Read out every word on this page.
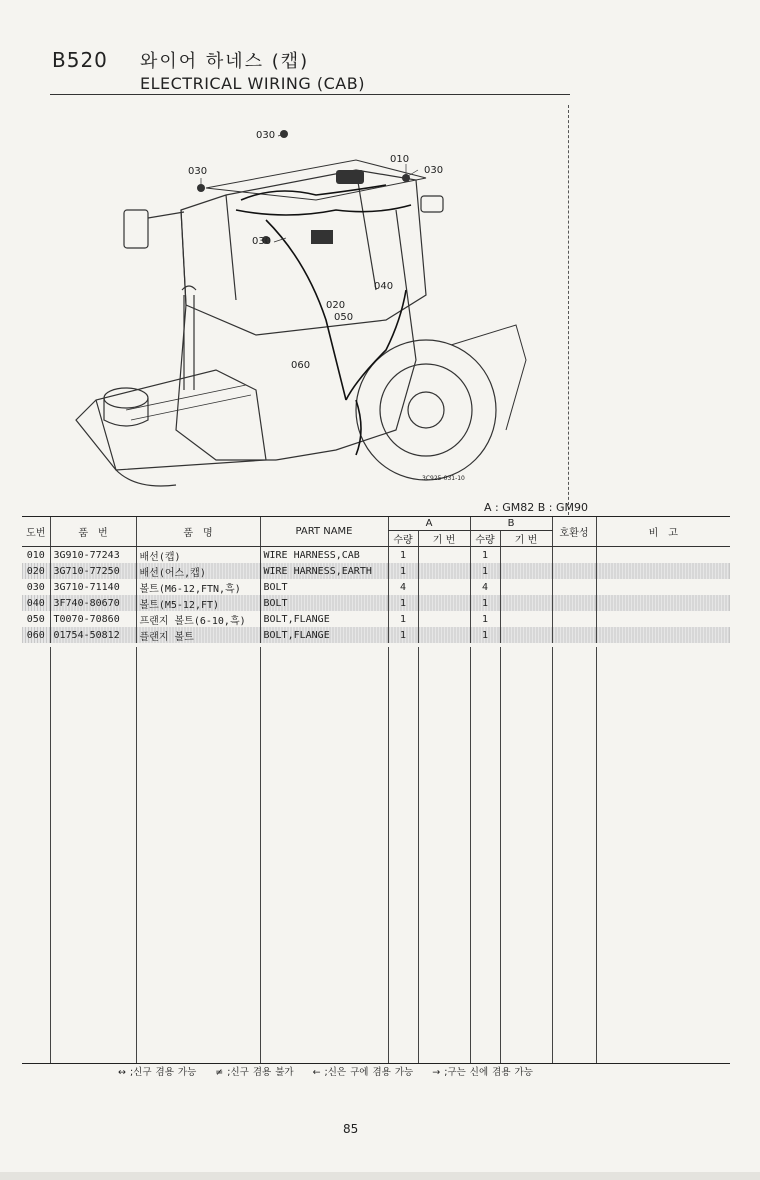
B520 와이어 하네스 (캡)
ELECTRICAL WIRING (CAB)
030
030
010
030
030
040
020
050
060
3C925-031-10
A : GM82 B : GM90
도번	품　번	품　명	PART NAME	A		B		호환성	비　고
				수량	기 번	수량	기 번		
010	3G910-77243	배선(캡)	WIRE HARNESS,CAB	1		1			
020	3G710-77250	배선(어스,캡)	WIRE HARNESS,EARTH	1		1			
030	3G710-71140	볼트(M6-12,FTN,흑)	BOLT	4		4			
040	3F740-80670	볼트(M5-12,FT)	BOLT	1		1			
050	T0070-70860	프랜지 볼트(6-10,흑)	BOLT,FLANGE	1		1			
060	01754-50812	플랜지 볼트	BOLT,FLANGE	1		1			
↔ ;신구 겸용 가능　　≠ ;신구 겸용 불가　　← ;신은 구에 겸용 가능　　→ ;구는 신에 겸용 가능
85
